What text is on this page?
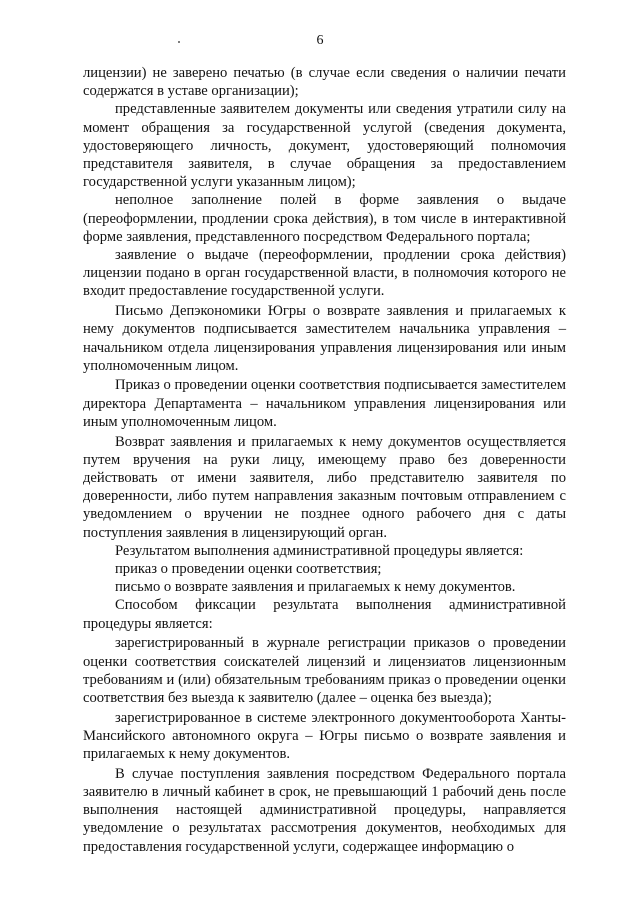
6

лицензии) не заверено печатью (в случае если сведения о наличии печати содержатся в уставе организации);

представленные заявителем документы или сведения утратили силу на момент обращения за государственной услугой (сведения документа, удостоверяющего личность, документ, удостоверяющий полномочия представителя заявителя, в случае обращения за предоставлением государственной услуги указанным лицом);

неполное заполнение полей в форме заявления о выдаче (переоформлении, продлении срока действия), в том числе в интерактивной форме заявления, представленного посредством Федерального портала;

заявление о выдаче (переоформлении, продлении срока действия) лицензии подано в орган государственной власти, в полномочия которого не входит предоставление государственной услуги.

Письмо Депэкономики Югры о возврате заявления и прилагаемых к нему документов подписывается заместителем начальника управления – начальником отдела лицензирования управления лицензирования или иным уполномоченным лицом.

Приказ о проведении оценки соответствия подписывается заместителем директора Департамента – начальником управления лицензирования или иным уполномоченным лицом.

Возврат заявления и прилагаемых к нему документов осуществляется путем вручения на руки лицу, имеющему право без доверенности действовать от имени заявителя, либо представителю заявителя по доверенности, либо путем направления заказным почтовым отправлением с уведомлением о вручении не позднее одного рабочего дня с даты поступления заявления в лицензирующий орган.

Результатом выполнения административной процедуры является:

приказ о проведении оценки соответствия;

письмо о возврате заявления и прилагаемых к нему документов.

Способом фиксации результата выполнения административной процедуры является:

зарегистрированный в журнале регистрации приказов о проведении оценки соответствия соискателей лицензий и лицензиатов лицензионным требованиям и (или) обязательным требованиям приказ о проведении оценки соответствия без выезда к заявителю (далее – оценка без выезда);

зарегистрированное в системе электронного документооборота Ханты-Мансийского автономного округа – Югры письмо о возврате заявления и прилагаемых к нему документов.

В случае поступления заявления посредством Федерального портала заявителю в личный кабинет в срок, не превышающий 1 рабочий день после выполнения настоящей административной процедуры, направляется уведомление о результатах рассмотрения документов, необходимых для предоставления государственной услуги, содержащее информацию о
